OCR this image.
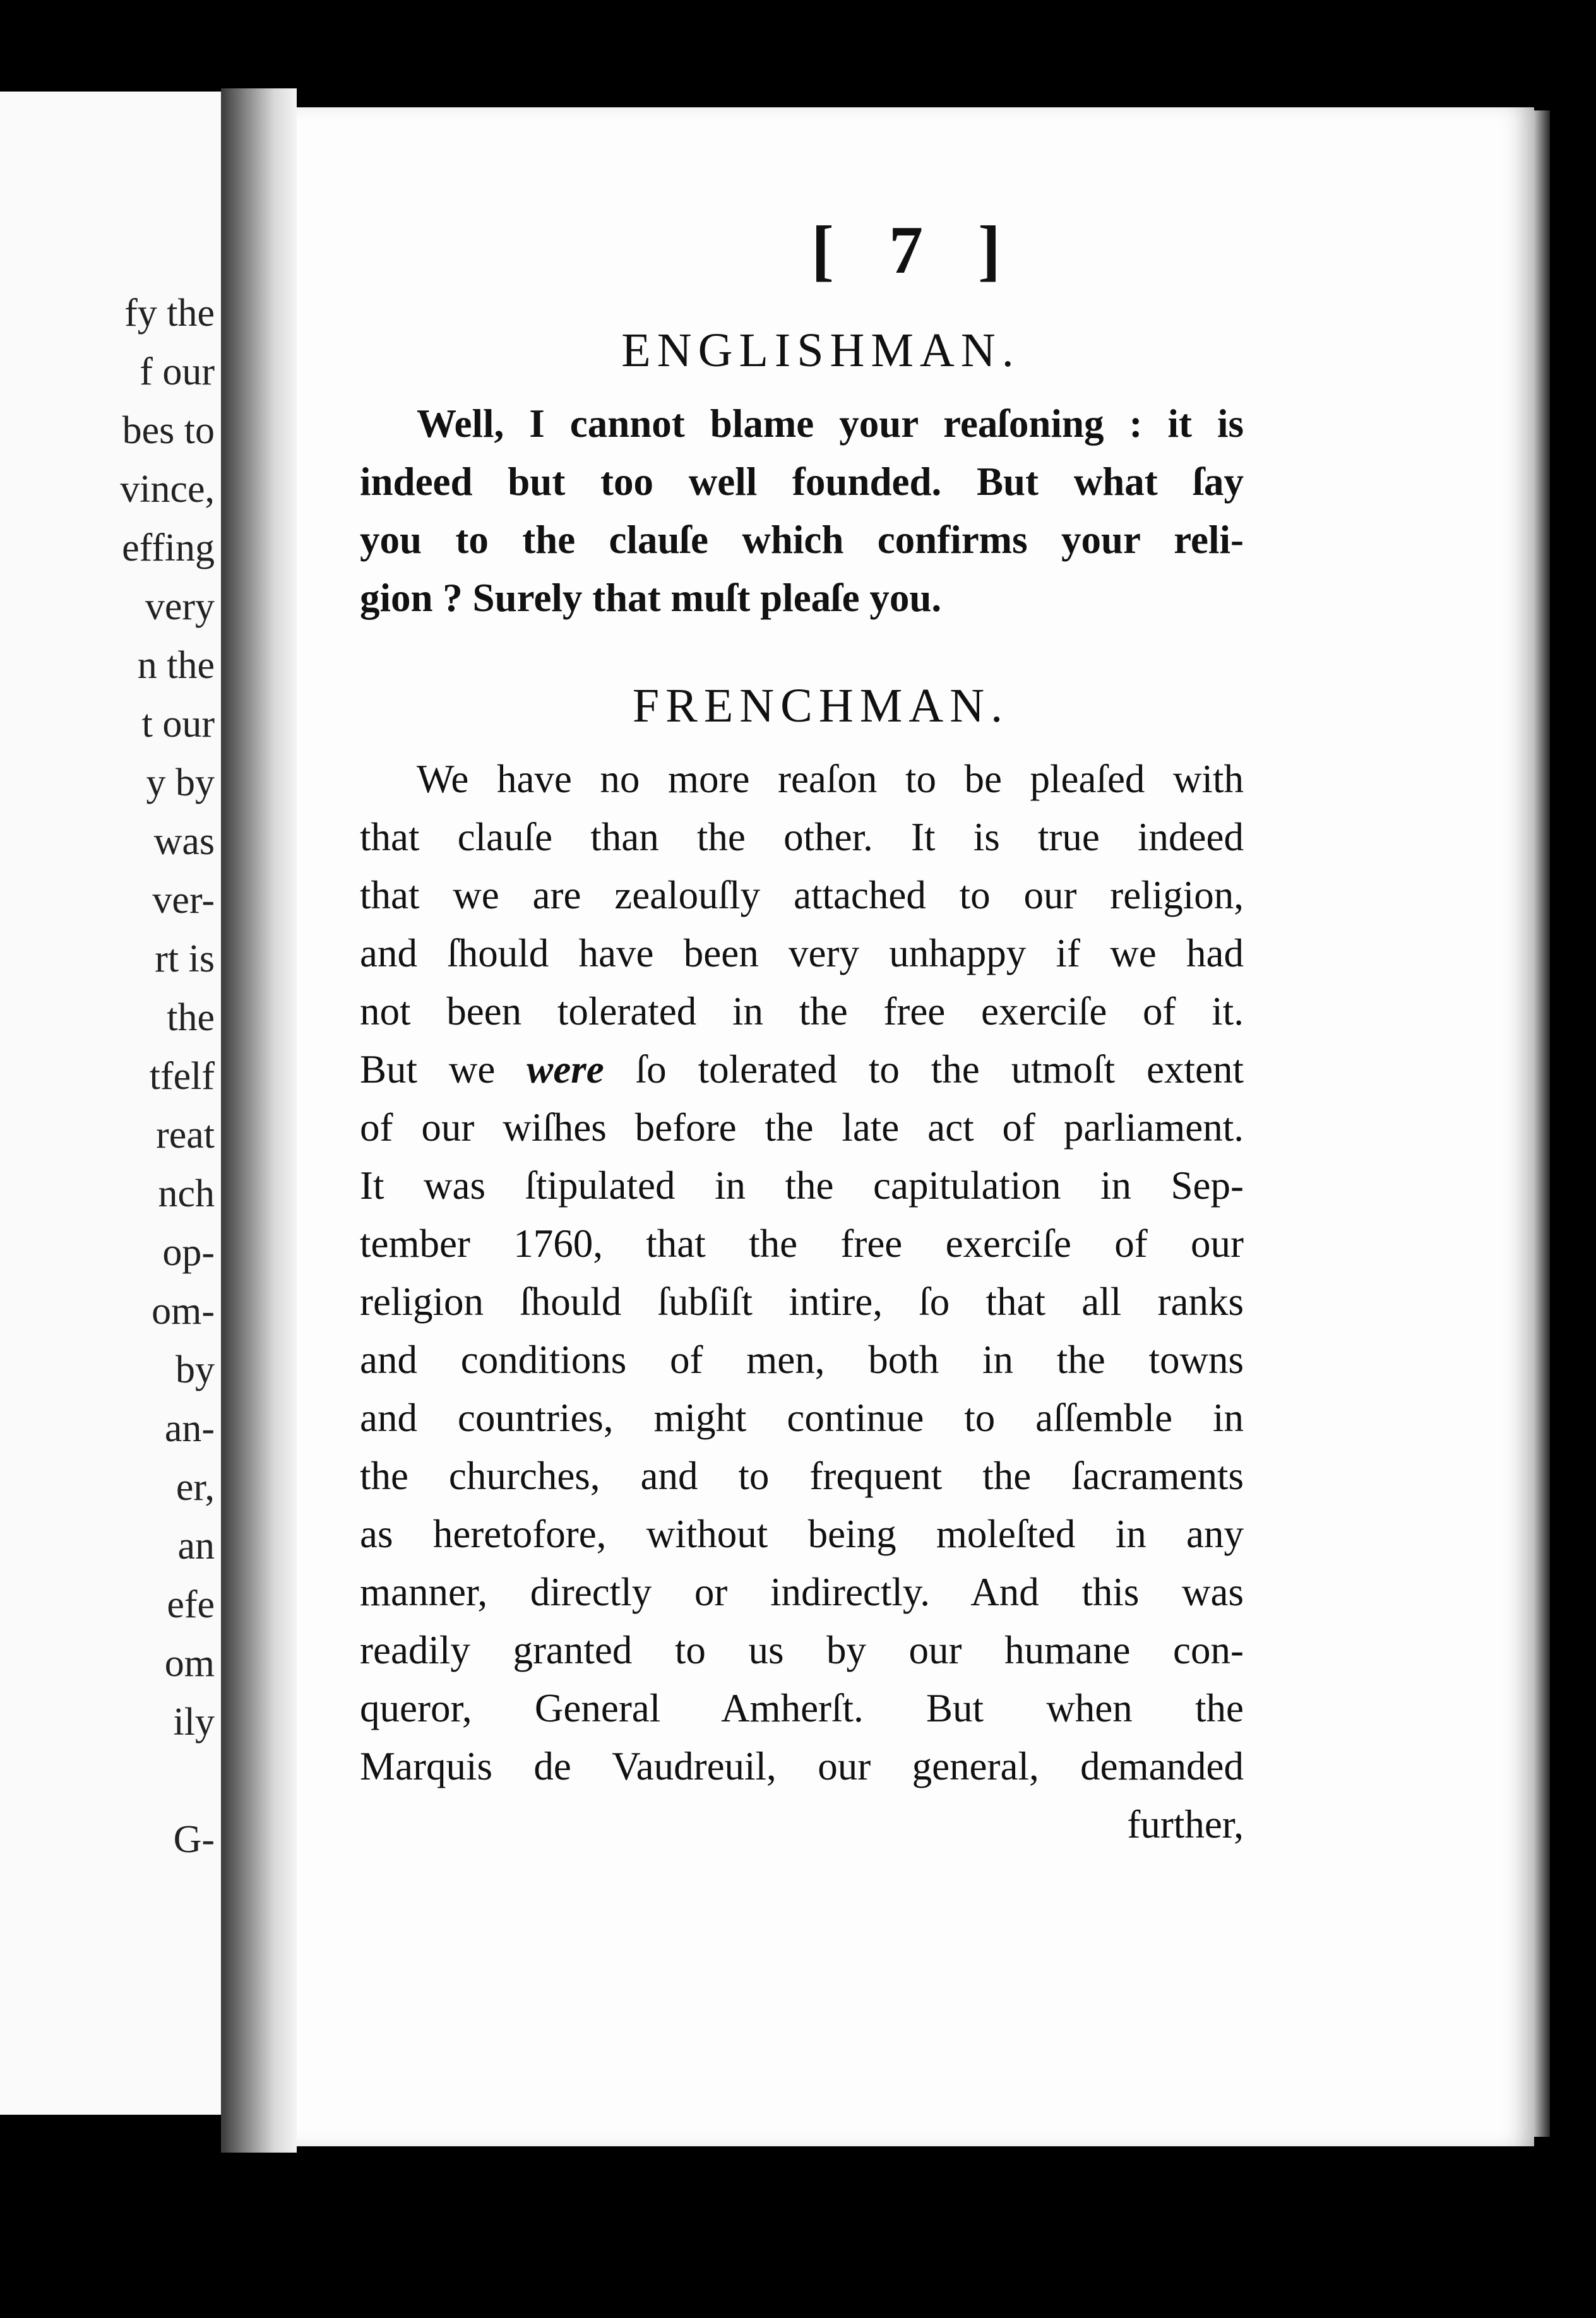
fy the
f our
bes to
vince,
effing
very
n the
t our
y by
was
ver-
rt is
the
tfelf
reat
nch
op-
om-
by
an-
er,
an
efe
om
ily

G-
[ 7 ]
ENGLISHMAN.
Well, I cannot blame your reaſoning : it is
indeed but too well founded. But what ſay
you to the clauſe which confirms your reli-
gion ? Surely that muſt pleaſe you.
FRENCHMAN.
We have no more reaſon to be pleaſed with
that clauſe than the other. It is true indeed
that we are zealouſly attached to our religion,
and ſhould have been very unhappy if we had
not been tolerated in the free exerciſe of it.
But we were ſo tolerated to the utmoſt extent
of our wiſhes before the late act of parliament.
It was ſtipulated in the capitulation in Sep-
tember 1760, that the free exerciſe of our
religion ſhould ſubſiſt intire, ſo that all ranks
and conditions of men, both in the towns
and countries, might continue to aſſemble in
the churches, and to frequent the ſacraments
as heretofore, without being moleſted in any
manner, directly or indirectly. And this was
readily granted to us by our humane con-
queror, General Amherſt. But when the
Marquis de Vaudreuil, our general, demanded
further,
